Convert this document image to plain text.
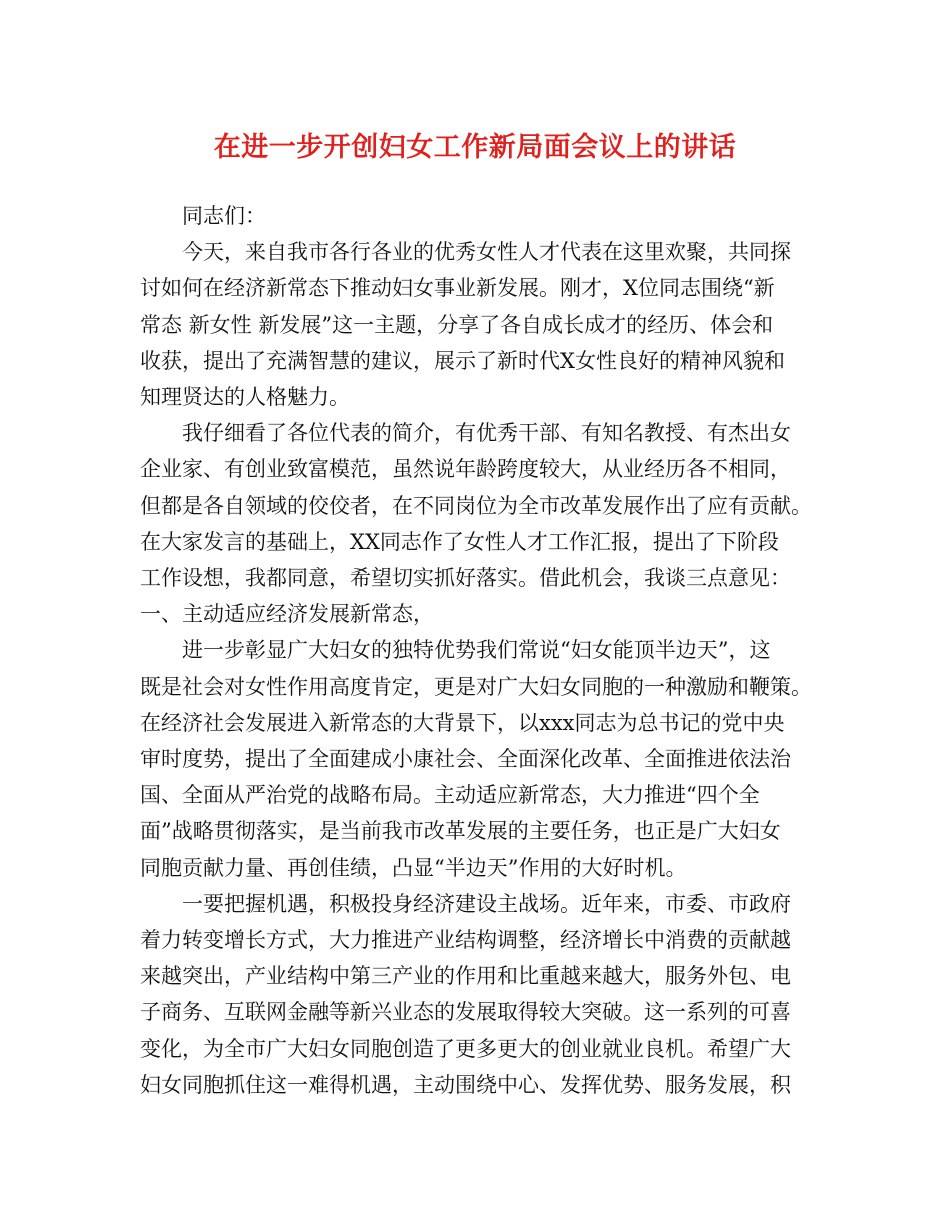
在进一步开创妇女工作新局面会议上的讲话

同志们：

今天，来自我市各行各业的优秀女性人才代表在这里欢聚，共同探
讨如何在经济新常态下推动妇女事业新发展。刚才，X位同志围绕“新
常态 新女性 新发展”这一主题，分享了各自成长成才的经历、体会和
收获，提出了充满智慧的建议，展示了新时代X女性良好的精神风貌和
知理贤达的人格魅力。

我仔细看了各位代表的简介，有优秀干部、有知名教授、有杰出女
企业家、有创业致富模范，虽然说年龄跨度较大，从业经历各不相同，
但都是各自领域的佼佼者，在不同岗位为全市改革发展作出了应有贡献。
在大家发言的基础上，XX同志作了女性人才工作汇报，提出了下阶段
工作设想，我都同意，希望切实抓好落实。借此机会，我谈三点意见：

一、主动适应经济发展新常态，

进一步彰显广大妇女的独特优势我们常说“妇女能顶半边天”，这
既是社会对女性作用高度肯定，更是对广大妇女同胞的一种激励和鞭策。
在经济社会发展进入新常态的大背景下，以xxx同志为总书记的党中央
审时度势，提出了全面建成小康社会、全面深化改革、全面推进依法治
国、全面从严治党的战略布局。主动适应新常态，大力推进“四个全
面”战略贯彻落实，是当前我市改革发展的主要任务，也正是广大妇女
同胞贡献力量、再创佳绩，凸显“半边天”作用的大好时机。

一要把握机遇，积极投身经济建设主战场。近年来，市委、市政府
着力转变增长方式，大力推进产业结构调整，经济增长中消费的贡献越
来越突出，产业结构中第三产业的作用和比重越来越大，服务外包、电
子商务、互联网金融等新兴业态的发展取得较大突破。这一系列的可喜
变化，为全市广大妇女同胞创造了更多更大的创业就业良机。希望广大
妇女同胞抓住这一难得机遇，主动围绕中心、发挥优势、服务发展，积
